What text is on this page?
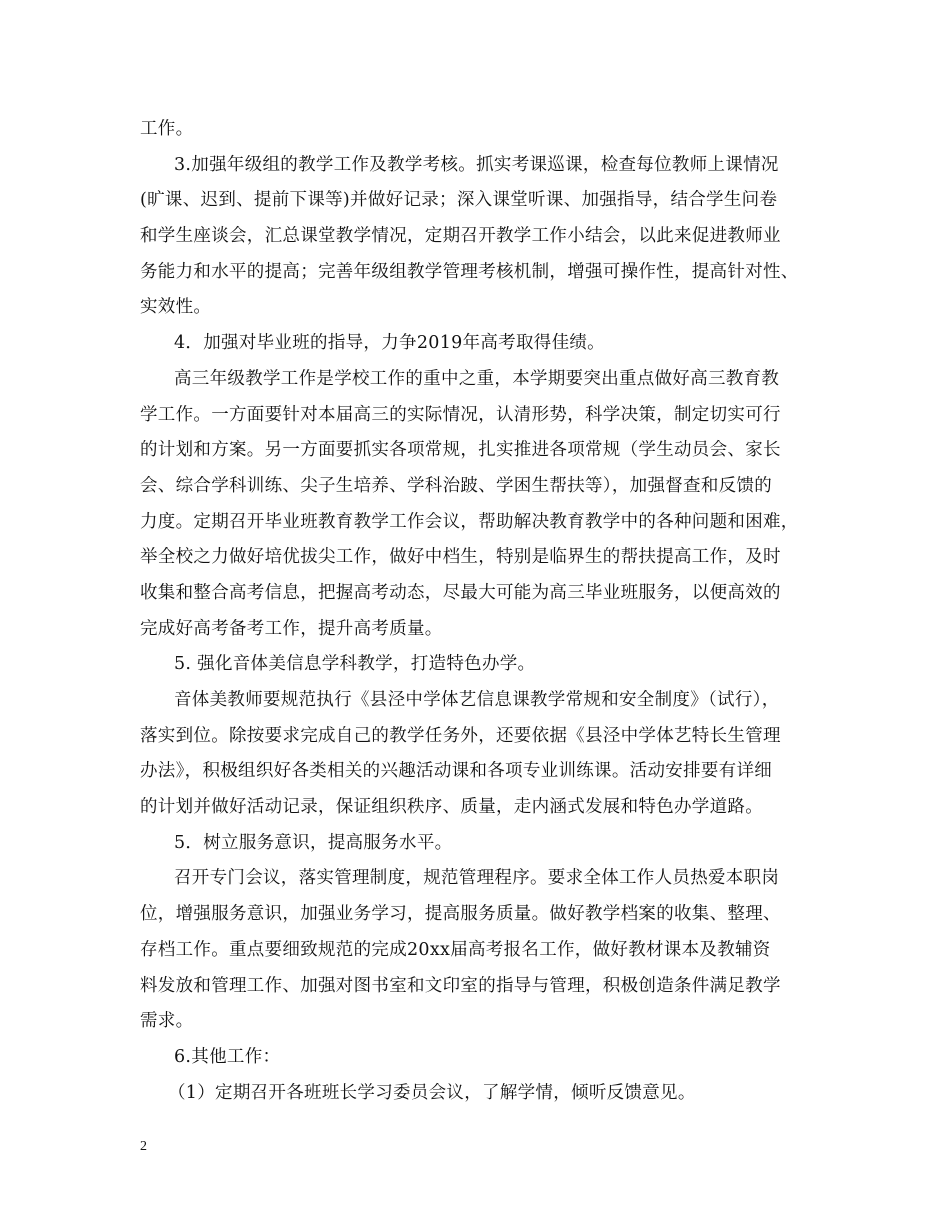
工作。
3.加强年级组的教学工作及教学考核。抓实考课巡课，检查每位教师上课情况
(旷课、迟到、提前下课等)并做好记录；深入课堂听课、加强指导，结合学生问卷
和学生座谈会，汇总课堂教学情况，定期召开教学工作小结会，以此来促进教师业
务能力和水平的提高；完善年级组教学管理考核机制，增强可操作性，提高针对性、
实效性。
4．加强对毕业班的指导，力争2019年高考取得佳绩。
高三年级教学工作是学校工作的重中之重，本学期要突出重点做好高三教育教
学工作。一方面要针对本届高三的实际情况，认清形势，科学决策，制定切实可行
的计划和方案。另一方面要抓实各项常规，扎实推进各项常规（学生动员会、家长
会、综合学科训练、尖子生培养、学科治跛、学困生帮扶等），加强督查和反馈的
力度。定期召开毕业班教育教学工作会议，帮助解决教育教学中的各种问题和困难，
举全校之力做好培优拔尖工作，做好中档生，特别是临界生的帮扶提高工作，及时
收集和整合高考信息，把握高考动态，尽最大可能为高三毕业班服务，以便高效的
完成好高考备考工作，提升高考质量。
5. 强化音体美信息学科教学，打造特色办学。
音体美教师要规范执行《县泾中学体艺信息课教学常规和安全制度》（试行），
落实到位。除按要求完成自己的教学任务外，还要依据《县泾中学体艺特长生管理
办法》，积极组织好各类相关的兴趣活动课和各项专业训练课。活动安排要有详细
的计划并做好活动记录，保证组织秩序、质量，走内涵式发展和特色办学道路。
5．树立服务意识，提高服务水平。
召开专门会议，落实管理制度，规范管理程序。要求全体工作人员热爱本职岗
位，增强服务意识，加强业务学习，提高服务质量。做好教学档案的收集、整理、
存档工作。重点要细致规范的完成20xx届高考报名工作，做好教材课本及教辅资
料发放和管理工作、加强对图书室和文印室的指导与管理，积极创造条件满足教学
需求。
6.其他工作：
（1）定期召开各班班长学习委员会议，了解学情，倾听反馈意见。
2
